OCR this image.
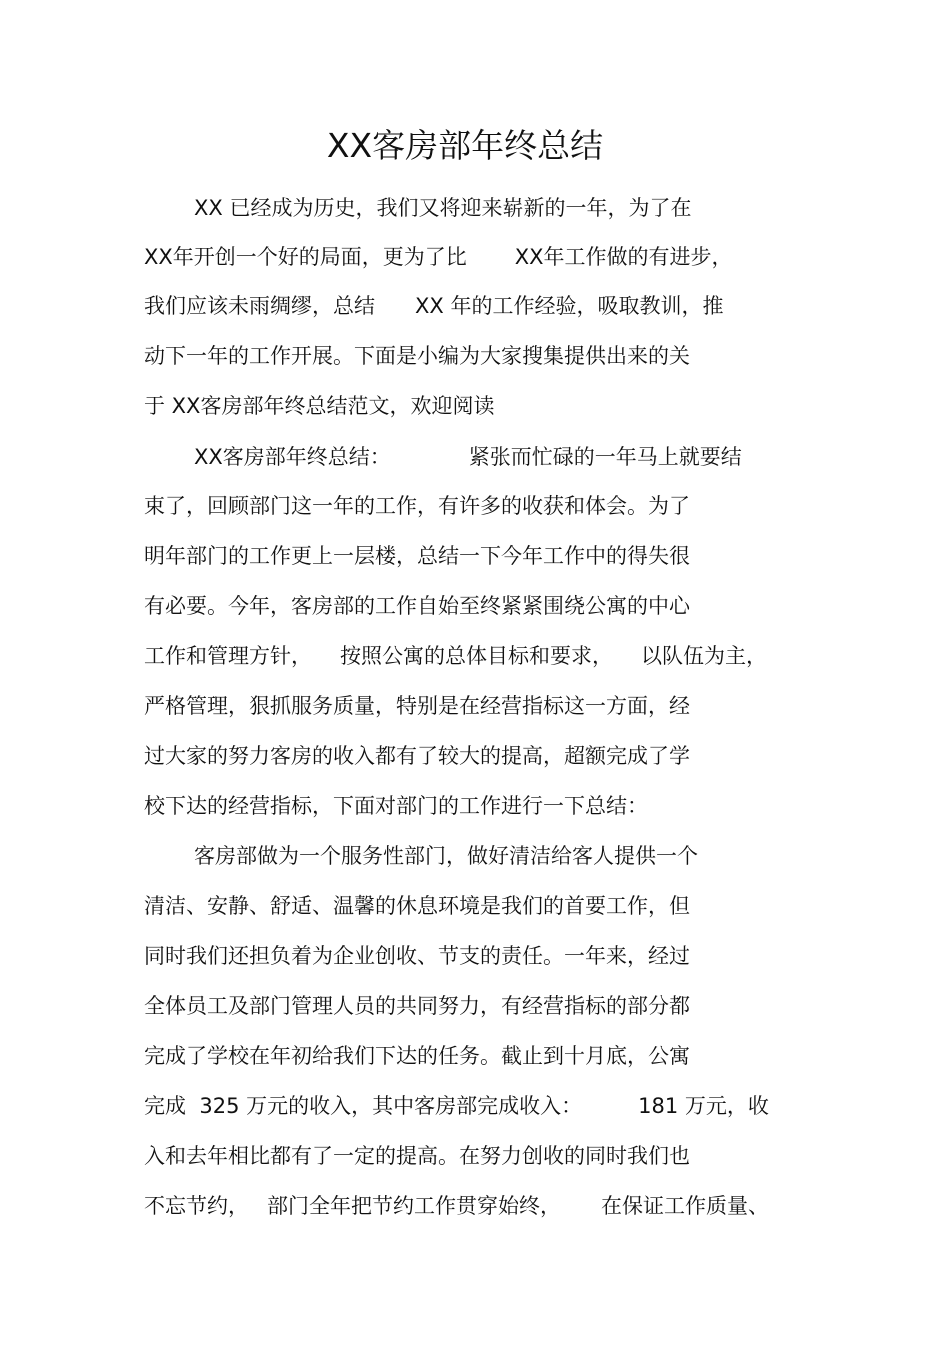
XX客房部年终总结
XX 已经成为历史，我们又将迎来崭新的一年，为了在
XX年开创一个好的局面，更为了比 XX年工作做的有进步，
我们应该未雨绸缪，总结 XX 年的工作经验，吸取教训，推
动下一年的工作开展。下面是小编为大家搜集提供出来的关
于 XX客房部年终总结范文，欢迎阅读
XX客房部年终总结：	紧张而忙碌的一年马上就要结
束了，回顾部门这一年的工作，有许多的收获和体会。为了
明年部门的工作更上一层楼，总结一下今年工作中的得失很
有必要。今年，客房部的工作自始至终紧紧围绕公寓的中心
工作和管理方针， 按照公寓的总体目标和要求， 以队伍为主，
严格管理，狠抓服务质量，特别是在经营指标这一方面，经
过大家的努力客房的收入都有了较大的提高，超额完成了学
校下达的经营指标，下面对部门的工作进行一下总结：
客房部做为一个服务性部门，做好清洁给客人提供一个
清洁、安静、舒适、温馨的休息环境是我们的首要工作，但
同时我们还担负着为企业创收、节支的责任。一年来，经过
全体员工及部门管理人员的共同努力，有经营指标的部分都
完成了学校在年初给我们下达的任务。截止到十月底，公寓
完成  325 万元的收入，其中客房部完成收入：	181 万元，收
入和去年相比都有了一定的提高。在努力创收的同时我们也
不忘节约， 部门全年把节约工作贯穿始终， 在保证工作质量、
